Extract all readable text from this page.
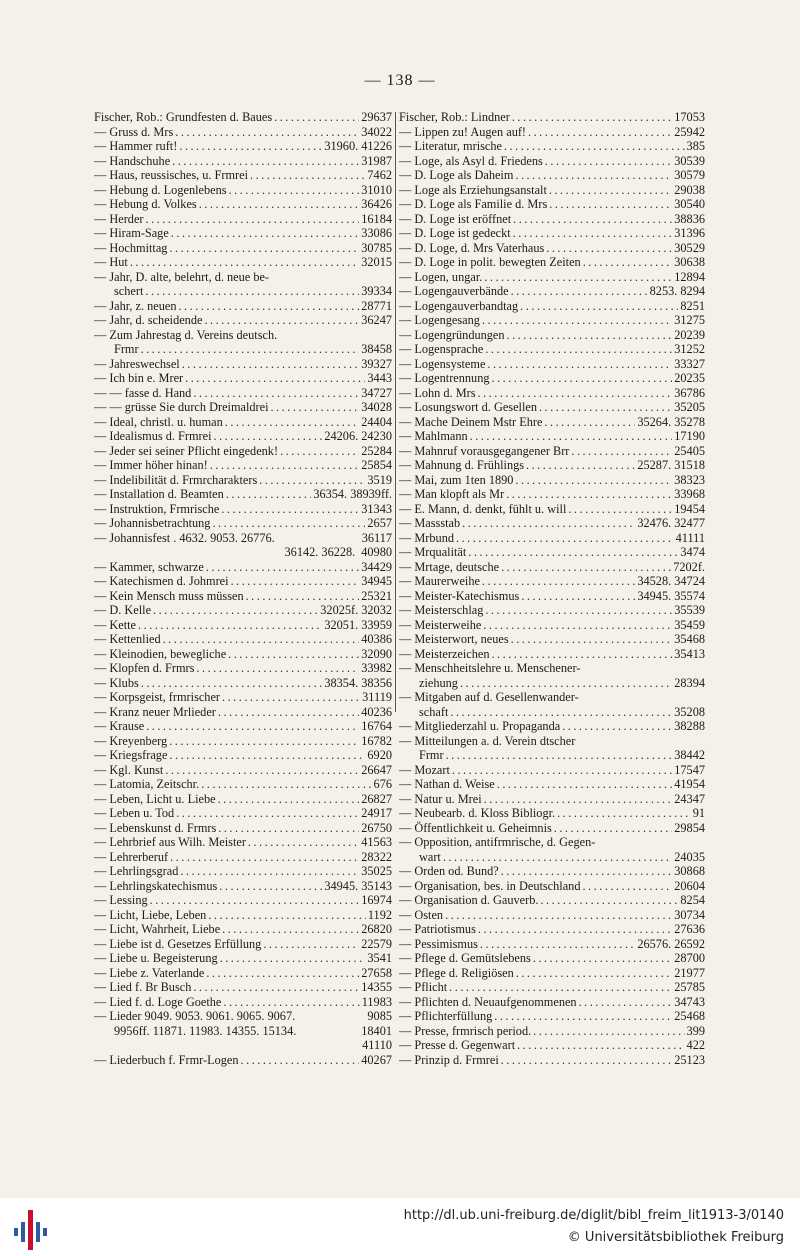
— 138 —
Fischer, Rob.: Grundfesten d. Baues .....	29637
— Gruss d. Mrs .....	34022
— Hammer ruft! .....	31960. 41226
— Handschuhe .....	31987
— Haus, reussisches, u. Frmrei .....	7462
— Hebung d. Logenlebens .....	31010
— Hebung d. Volkes .....	36426
— Herder .....	16184
— Hiram-Sage .....	33086
— Hochmittag .....	30785
— Hut .....	32015
— Jahr, D. alte, belehrt, d. neue be-
schert .....	39334
— Jahr, z. neuen .....	28771
— Jahr, d. scheidende .....	36247
— Zum Jahrestag d. Vereins deutsch.
Frmr .....	38458
— Jahreswechsel .....	39327
— Ich bin e. Mrer .....	3443
— — fasse d. Hand .....	34727
— — grüsse Sie durch Dreimaldrei .....	34028
— Ideal, christl. u. human .....	24404
— Idealismus d. Frmrei .....	24206. 24230
— Jeder sei seiner Pflicht eingedenk! .....	25284
— Immer höher hinan! .....	25854
— Indelibilität d. Frmrcharakters .....	3519
— Installation d. Beamten .....	36354. 38939ff.
— Instruktion, Frmrische .....	31343
— Johannisbetrachtung .....	2657
— Johannisfest . 4632. 9053. 26776.	36117
36142. 36228. 40980
— Kammer, schwarze .....	34429
— Katechismen d. Johmrei .....	34945
— Kein Mensch muss müssen .....	25321
— D. Kelle .....	32025f. 32032
— Kette .....	32051. 33959
— Kettenlied .....	40386
— Kleinodien, bewegliche .....	32090
— Klopfen d. Frmrs .....	33982
— Klubs .....	38354. 38356
— Korpsgeist, frmrischer .....	31119
— Kranz neuer Mrlieder .....	40236
— Krause .....	16764
— Kreyenberg .....	16782
— Kriegsfrage .....	6920
— Kgl. Kunst .....	26647
— Latomia, Zeitschr. .....	676
— Leben, Licht u. Liebe .....	26827
— Leben u. Tod .....	24917
— Lebenskunst d. Frmrs .....	26750
— Lehrbrief aus Wilh. Meister .....	41563
— Lehrerberuf .....	28322
— Lehrlingsgrad .....	35025
— Lehrlingskatechismus .....	34945. 35143
— Lessing .....	16974
— Licht, Liebe, Leben .....	1192
— Licht, Wahrheit, Liebe .....	26820
— Liebe ist d. Gesetzes Erfüllung .....	22579
— Liebe u. Begeisterung .....	3541
— Liebe z. Vaterlande .....	27658
— Lied f. Br Busch .....	14355
— Lied f. d. Loge Goethe .....	11983
— Lieder 9049. 9053. 9061. 9065. 9067.	9085
9956ff. 11871. 11983. 14355. 15134.	18401
41110
— Liederbuch f. Frmr-Logen .....	40267
Fischer, Rob.: Lindner .....	17053
— Lippen zu! Augen auf! .....	25942
— Literatur, mrische .....	385
— Loge, als Asyl d. Friedens .....	30539
— D. Loge als Daheim .....	30579
— Loge als Erziehungsanstalt .....	29038
— D. Loge als Familie d. Mrs .....	30540
— D. Loge ist eröffnet .....	38836
— D. Loge ist gedeckt .....	31396
— D. Loge, d. Mrs Vaterhaus .....	30529
— D. Loge in polit. bewegten Zeiten .....	30638
— Logen, ungar. .....	12894
— Logengauverbände .....	8253. 8294
— Logengauverbandtag .....	8251
— Logengesang .....	31275
— Logengründungen .....	20239
— Logensprache .....	31252
— Logensysteme .....	33327
— Logentrennung .....	20235
— Lohn d. Mrs .....	36786
— Losungswort d. Gesellen .....	35205
— Mache Deinem Mstr Ehre .....	35264. 35278
— Mahlmann .....	17190
— Mahnruf vorausgegangener Brr .....	25405
— Mahnung d. Frühlings .....	25287. 31518
— Mai, zum 1ten 1890 .....	38323
— Man klopft als Mr .....	33968
— E. Mann, d. denkt, fühlt u. will .....	19454
— Massstab .....	32476. 32477
— Mrbund .....	41111
— Mrqualität .....	3474
— Mrtage, deutsche .....	7202f.
— Maurerweihe .....	34528. 34724
— Meister-Katechismus .....	34945. 35574
— Meisterschlag .....	35539
— Meisterweihe .....	35459
— Meisterwort, neues .....	35468
— Meisterzeichen .....	35413
— Menschheitslehre u. Menschener-
ziehung .....	28394
— Mitgaben auf d. Gesellenwander-
schaft .....	35208
— Mitgliederzahl u. Propaganda .....	38288
— Mitteilungen a. d. Verein dtscher
Frmr .....	38442
— Mozart .....	17547
— Nathan d. Weise .....	41954
— Natur u. Mrei .....	24347
— Neubearb. d. Kloss Bibliogr. .....	91
— Öffentlichkeit u. Geheimnis .....	29854
— Opposition, antifrmrische, d. Gegen-
wart .....	24035
— Orden od. Bund? .....	30868
— Organisation, bes. in Deutschland .....	20604
— Organisation d. Gauverb. .....	8254
— Osten .....	30734
— Patriotismus .....	27636
— Pessimismus .....	26576. 26592
— Pflege d. Gemütslebens .....	28700
— Pflege d. Religiösen .....	21977
— Pflicht .....	25785
— Pflichten d. Neuaufgenommenen .....	34743
— Pflichterfüllung .....	25468
— Presse, frmrisch period. .....	399
— Presse d. Gegenwart .....	422
— Prinzip d. Frmrei .....	25123
http://dl.ub.uni-freiburg.de/diglit/bibl_freim_lit1913-3/0140
© Universitätsbibliothek Freiburg
